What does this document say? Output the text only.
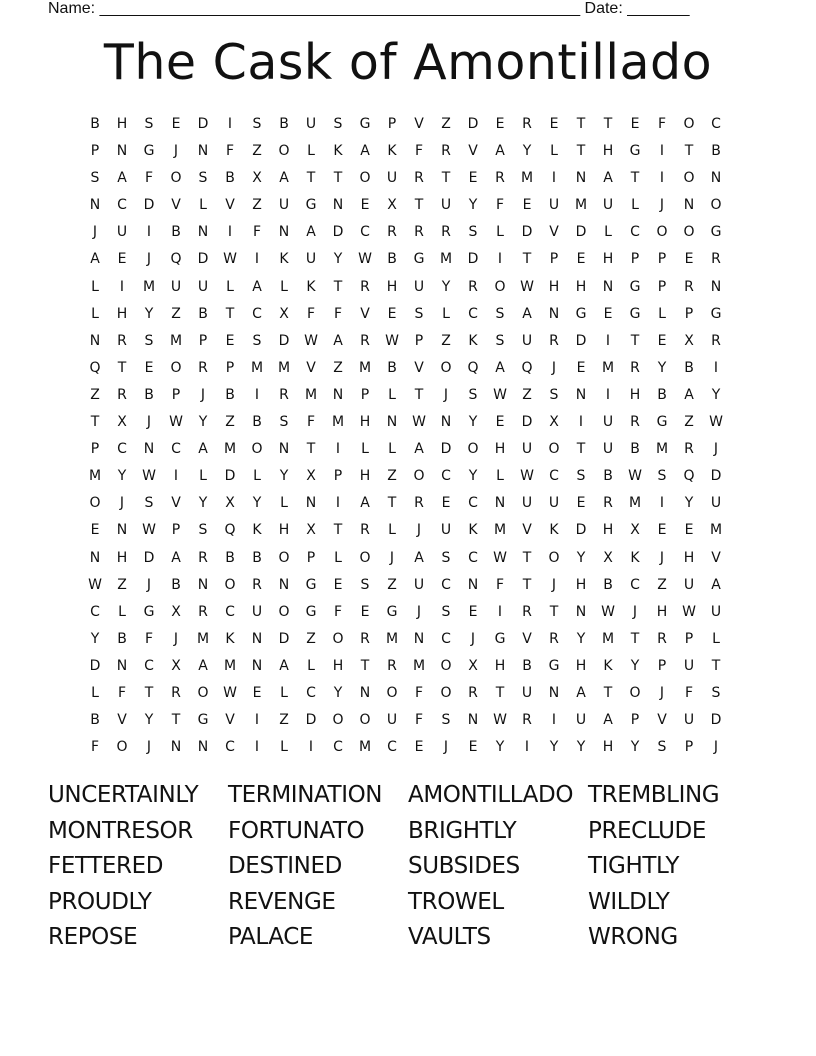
Name: ______________________________________________________ Date: _______
The Cask of Amontillado
B	H	S	E	D	I	S	B	U	S	G	P	V	Z	D	E	R	E	T	T	E	F	O	C
P	N	G	J	N	F	Z	O	L	K	A	K	F	R	V	A	Y	L	T	H	G	I	T	B
S	A	F	O	S	B	X	A	T	T	O	U	R	T	E	R	M	I	N	A	T	I	O	N
N	C	D	V	L	V	Z	U	G	N	E	X	T	U	Y	F	E	U	M	U	L	J	N	O
J	U	I	B	N	I	F	N	A	D	C	R	R	R	S	L	D	V	D	L	C	O	O	G
A	E	J	Q	D W	I	K	U	Y	W	B	G	M	D	I	T	P	E	H	P	P	E	R
L	I	M	U	U	L	A	L	K	T	R	H	U	Y	R	O W H	H	N	G	P	R	N
L	H	Y	Z	B	T	C	X	F	F	V	E	S	L	C	S	A	N	G	E	G	L	P	G
N	R	S	M	P	E	S	D W	A	R	W	P	Z	K	S	U	R	D	I	T	E	X	R
Q	T	E	O	R	P	M M	V	Z	M	B	V	O	Q	A	Q	J	E	M	R	Y	B	I
Z	R	B	P	J	B	I	R	M	N	P	L	T	J	S	W	Z	S	N	I	H	B	A	Y
T	X	J	W	Y	Z	B	S	F	M	H	N W N	Y	E	D	X	I	U	R	G	Z	W
P	C	N	C	A	M	O	N	T	I	L	L	A	D	O	H	U	O	T	U	B	M	R	J
M	Y	W	I	L	D	L	Y	X	P	H	Z	O	C	Y	L	W	C	S	B	W	S	Q	D
O	J	S	V	Y	X	Y	L	N	I	A	T	R	E	C	N	U	U	E	R	M	I	Y	U
E	N W	P	S	Q	K	H	X	T	R	L	J	U	K	M	V	K	D	H	X	E	E	M
N	H	D	A	R	B	B	O	P	L	O	J	A	S	C	W	T	O	Y	X	K	J	H	V
W	Z	J	B	N	O	R	N	G	E	S	Z	U	C	N	F	T	J	H	B	C	Z	U	A
C	L	G	X	R	C	U	O	G	F	E	G	J	S	E	I	R	T	N W	J	H W U
Y	B	F	J	M	K	N	D	Z	O	R	M	N	C	J	G	V	R	Y	M	T	R	P	L
D	N	C	X	A	M	N	A	L	H	T	R	M	O	X	H	B	G	H	K	Y	P	U	T
L	F	T	R	O W	E	L	C	Y	N	O	F	O	R	T	U	N	A	T	O	J	F	S
B	V	Y	T	G	V	I	Z	D	O	O	U	F	S	N W	R	I	U	A	P	V	U	D
F	O	J	N	N	C	I	L	I	C	M	C	E	J	E	Y	I	Y	Y	H	Y	S	P	J
UNCERTAINLY	TERMINATION	AMONTILLADO TREMBLING
MONTRESOR	FORTUNATO	BRIGHTLY	PRECLUDE
FETTERED	DESTINED	SUBSIDES	TIGHTLY
PROUDLY	REVENGE	TROWEL	WILDLY
REPOSE	PALACE	VAULTS	WRONG
